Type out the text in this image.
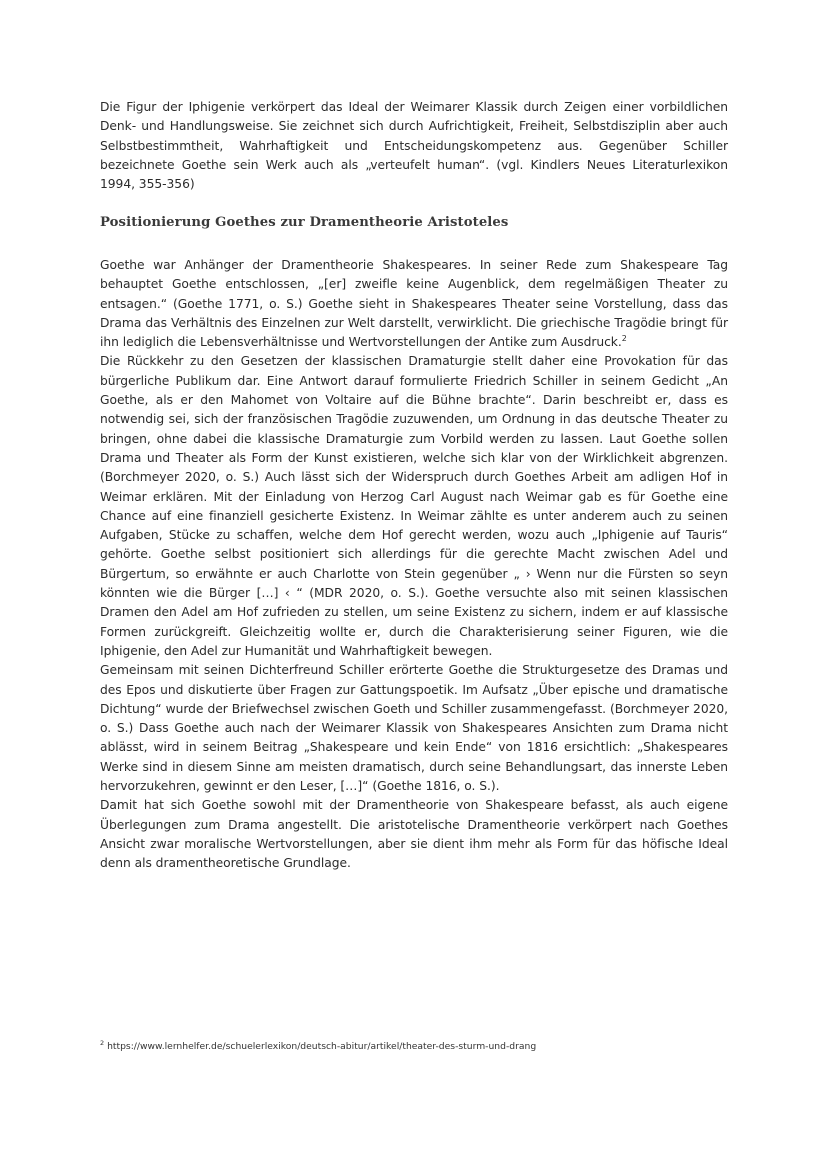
Die Figur der Iphigenie verkörpert das Ideal der Weimarer Klassik durch Zeigen einer vorbildlichen Denk- und Handlungsweise. Sie zeichnet sich durch Aufrichtigkeit, Freiheit, Selbstdisziplin aber auch Selbstbestimmtheit, Wahrhaftigkeit und Entscheidungskompetenz aus. Gegenüber Schiller bezeichnete Goethe sein Werk auch als „verteufelt human“. (vgl. Kindlers Neues Literaturlexikon 1994, 355-356)

Positionierung Goethes zur Dramentheorie Aristoteles

Goethe war Anhänger der Dramentheorie Shakespeares. In seiner Rede zum Shakespeare Tag behauptet Goethe entschlossen, „[er] zweifle keine Augenblick, dem regelmäßigen Theater zu entsagen.“ (Goethe 1771, o. S.) Goethe sieht in Shakespeares Theater seine Vorstellung, dass das Drama das Verhältnis des Einzelnen zur Welt darstellt, verwirklicht. Die griechische Tragödie bringt für ihn lediglich die Lebensverhältnisse und Wertvorstellungen der Antike zum Ausdruck.$^2$

Die Rückkehr zu den Gesetzen der klassischen Dramaturgie stellt daher eine Provokation für das bürgerliche Publikum dar. Eine Antwort darauf formulierte Friedrich Schiller in seinem Gedicht „An Goethe, als er den Mahomet von Voltaire auf die Bühne brachte“. Darin beschreibt er, dass es notwendig sei, sich der französischen Tragödie zuzuwenden, um Ordnung in das deutsche Theater zu bringen, ohne dabei die klassische Dramaturgie zum Vorbild werden zu lassen. Laut Goethe sollen Drama und Theater als Form der Kunst existieren, welche sich klar von der Wirklichkeit abgrenzen. (Borchmeyer 2020, o. S.) Auch lässt sich der Widerspruch durch Goethes Arbeit am adligen Hof in Weimar erklären. Mit der Einladung von Herzog Carl August nach Weimar gab es für Goethe eine Chance auf eine finanziell gesicherte Existenz. In Weimar zählte es unter anderem auch zu seinen Aufgaben, Stücke zu schaffen, welche dem Hof gerecht werden, wozu auch „Iphigenie auf Tauris“ gehörte. Goethe selbst positioniert sich allerdings für die gerechte Macht zwischen Adel und Bürgertum, so erwähnte er auch Charlotte von Stein gegenüber „ › Wenn nur die Fürsten so seyn könnten wie die Bürger […] ‹ “ (MDR 2020, o. S.). Goethe versuchte also mit seinen klassischen Dramen den Adel am Hof zufrieden zu stellen, um seine Existenz zu sichern, indem er auf klassische Formen zurückgreift. Gleichzeitig wollte er, durch die Charakterisierung seiner Figuren, wie die Iphigenie, den Adel zur Humanität und Wahrhaftigkeit bewegen.

Gemeinsam mit seinen Dichterfreund Schiller erörterte Goethe die Strukturgesetze des Dramas und des Epos und diskutierte über Fragen zur Gattungspoetik. Im Aufsatz „Über epische und dramatische Dichtung“ wurde der Briefwechsel zwischen Goeth und Schiller zusammengefasst. (Borchmeyer 2020, o. S.) Dass Goethe auch nach der Weimarer Klassik von Shakespeares Ansichten zum Drama nicht ablässt, wird in seinem Beitrag „Shakespeare und kein Ende“ von 1816 ersichtlich: „Shakespeares Werke sind in diesem Sinne am meisten dramatisch, durch seine Behandlungsart, das innerste Leben hervorzukehren, gewinnt er den Leser, […]“ (Goethe 1816, o. S.).

Damit hat sich Goethe sowohl mit der Dramentheorie von Shakespeare befasst, als auch eigene Überlegungen zum Drama angestellt. Die aristotelische Dramentheorie verkörpert nach Goethes Ansicht zwar moralische Wertvorstellungen, aber sie dient ihm mehr als Form für das höfische Ideal denn als dramentheoretische Grundlage.

$^2$ https://www.lernhelfer.de/schuelerlexikon/deutsch-abitur/artikel/theater-des-sturm-und-drang
